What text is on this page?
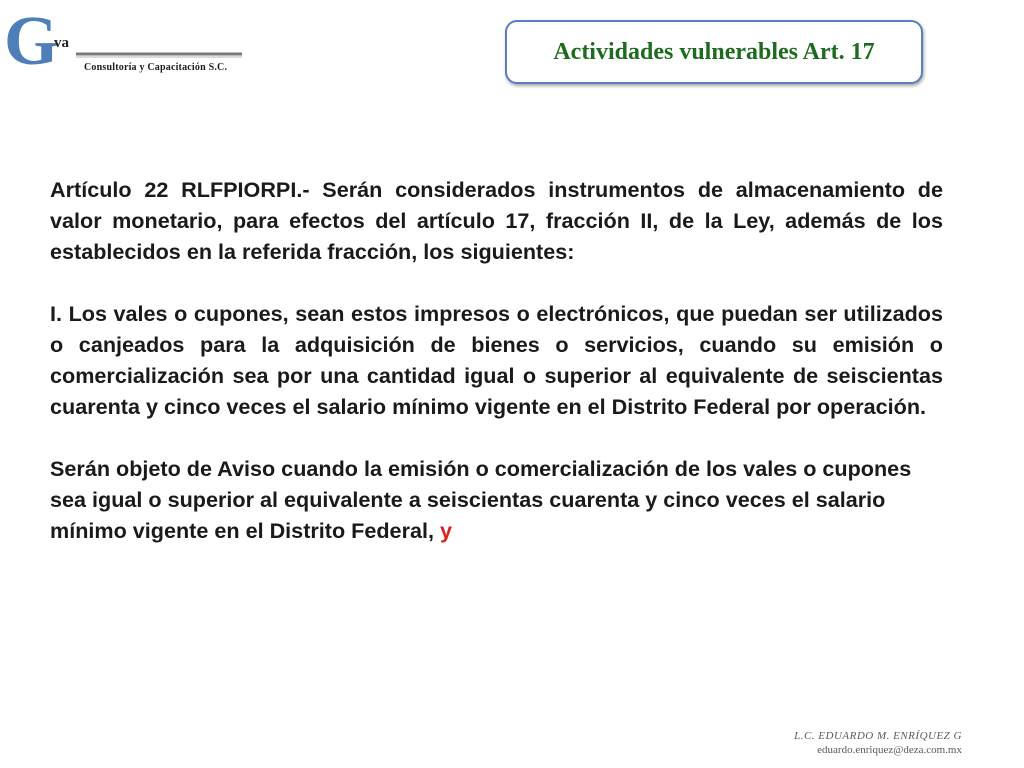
G
va
Consultoría y Capacitación S.C.
Actividades vulnerables Art. 17

Artículo 22 RLFPIORPI.- Serán considerados instrumentos de almacenamiento de valor monetario, para efectos del artículo 17, fracción II, de la Ley, además de los establecidos en la referida fracción, los siguientes:

I. Los vales o cupones, sean estos impresos o electrónicos, que puedan ser utilizados o canjeados para la adquisición de bienes o servicios, cuando su emisión o comercialización sea por una cantidad igual o superior al equivalente de seiscientas cuarenta y cinco veces el salario mínimo vigente en el Distrito Federal por operación.

Serán objeto de Aviso cuando la emisión o comercialización de los vales o cupones sea igual o superior al equivalente a seiscientas cuarenta y cinco veces el salario mínimo vigente en el Distrito Federal, y

L.C. EDUARDO M. ENRÍQUEZ G
eduardo.enriquez@deza.com.mx
